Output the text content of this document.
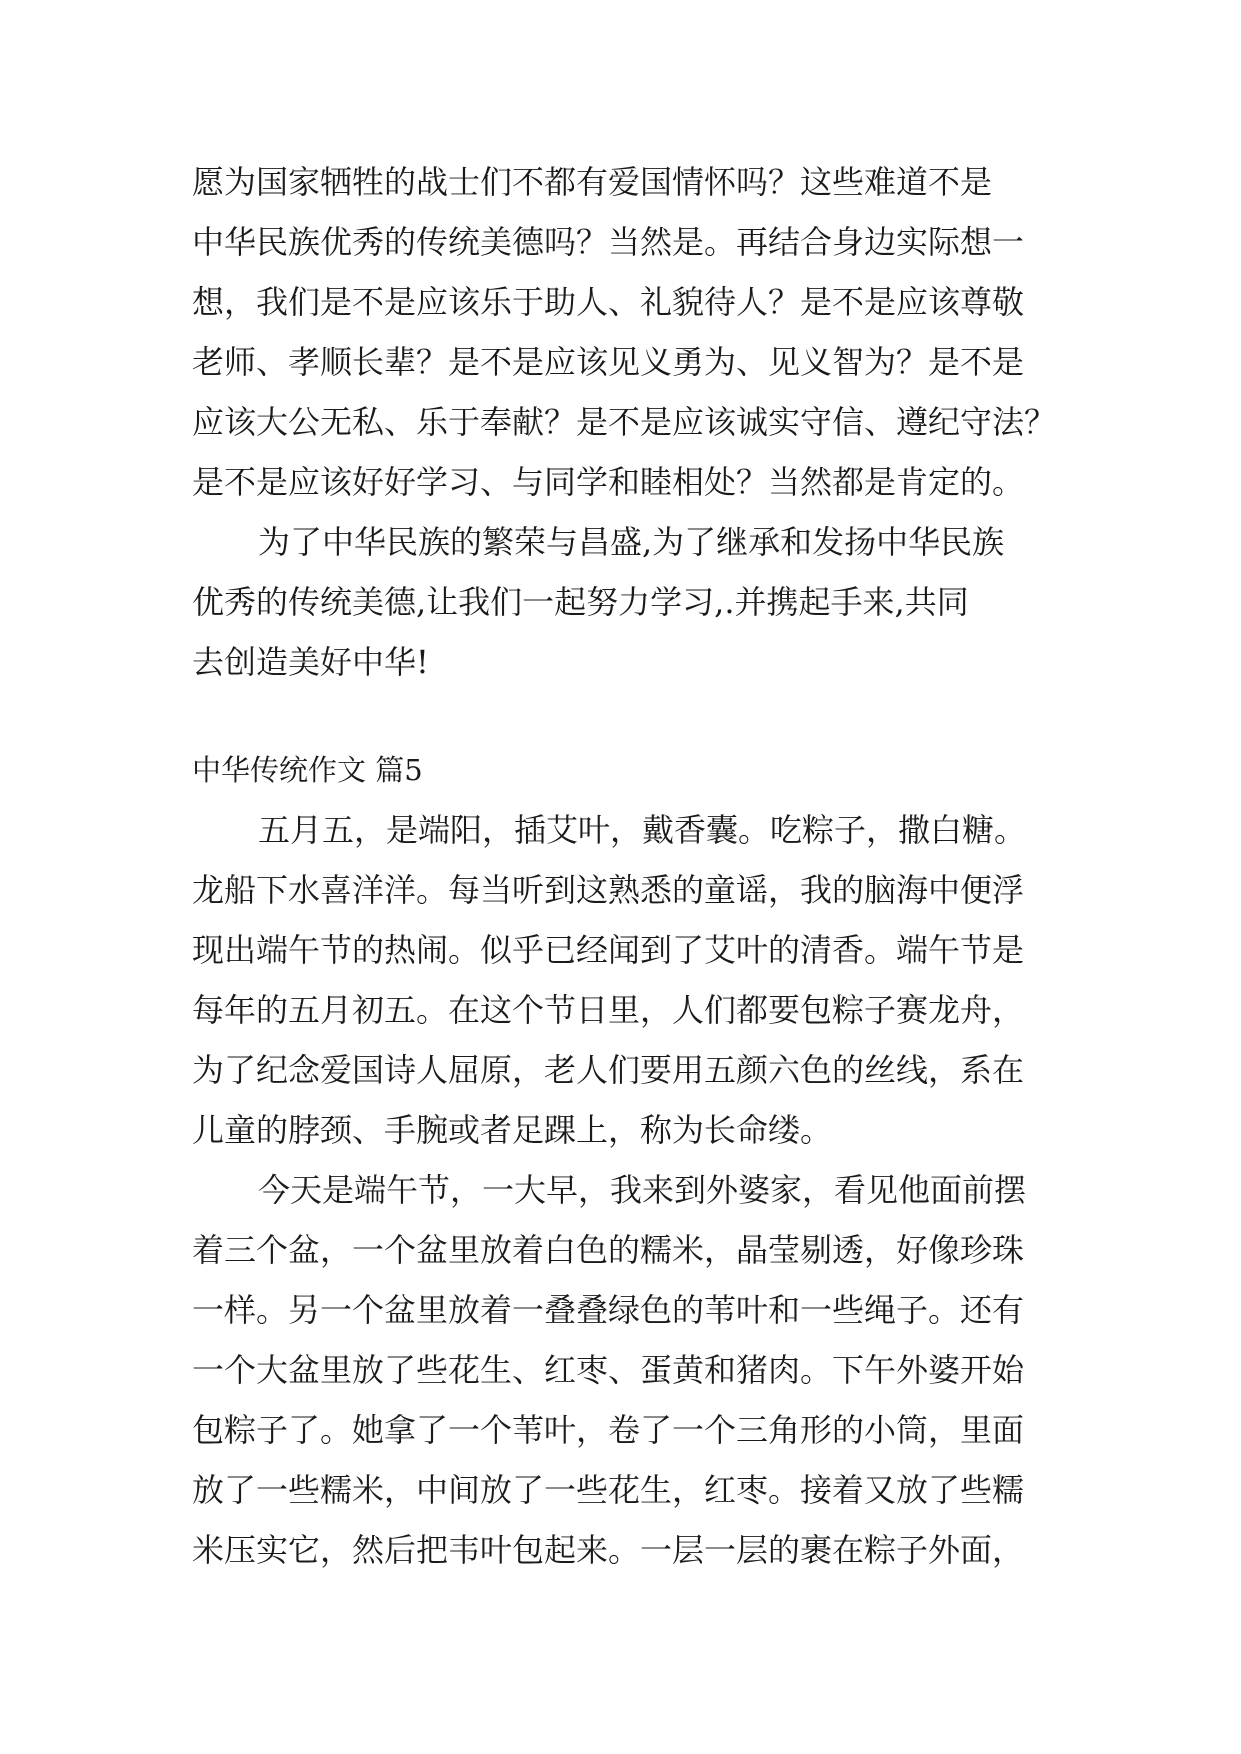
愿为国家牺牲的战士们不都有爱国情怀吗？这些难道不是
中华民族优秀的传统美德吗？当然是。再结合身边实际想一
想，我们是不是应该乐于助人、礼貌待人？是不是应该尊敬
老师、孝顺长辈？是不是应该见义勇为、见义智为？是不是
应该大公无私、乐于奉献？是不是应该诚实守信、遵纪守法？
是不是应该好好学习、与同学和睦相处？当然都是肯定的。
为了中华民族的繁荣与昌盛,为了继承和发扬中华民族
优秀的传统美德,让我们一起努力学习,.并携起手来,共同
去创造美好中华!
中华传统作文 篇5
五月五，是端阳，插艾叶，戴香囊。吃粽子，撒白糖。
龙船下水喜洋洋。每当听到这熟悉的童谣，我的脑海中便浮
现出端午节的热闹。似乎已经闻到了艾叶的清香。端午节是
每年的五月初五。在这个节日里，人们都要包粽子赛龙舟，
为了纪念爱国诗人屈原，老人们要用五颜六色的丝线，系在
儿童的脖颈、手腕或者足踝上，称为长命缕。
今天是端午节，一大早，我来到外婆家，看见他面前摆
着三个盆，一个盆里放着白色的糯米，晶莹剔透，好像珍珠
一样。另一个盆里放着一叠叠绿色的苇叶和一些绳子。还有
一个大盆里放了些花生、红枣、蛋黄和猪肉。下午外婆开始
包粽子了。她拿了一个苇叶，卷了一个三角形的小筒，里面
放了一些糯米，中间放了一些花生，红枣。接着又放了些糯
米压实它，然后把韦叶包起来。一层一层的裹在粽子外面，
